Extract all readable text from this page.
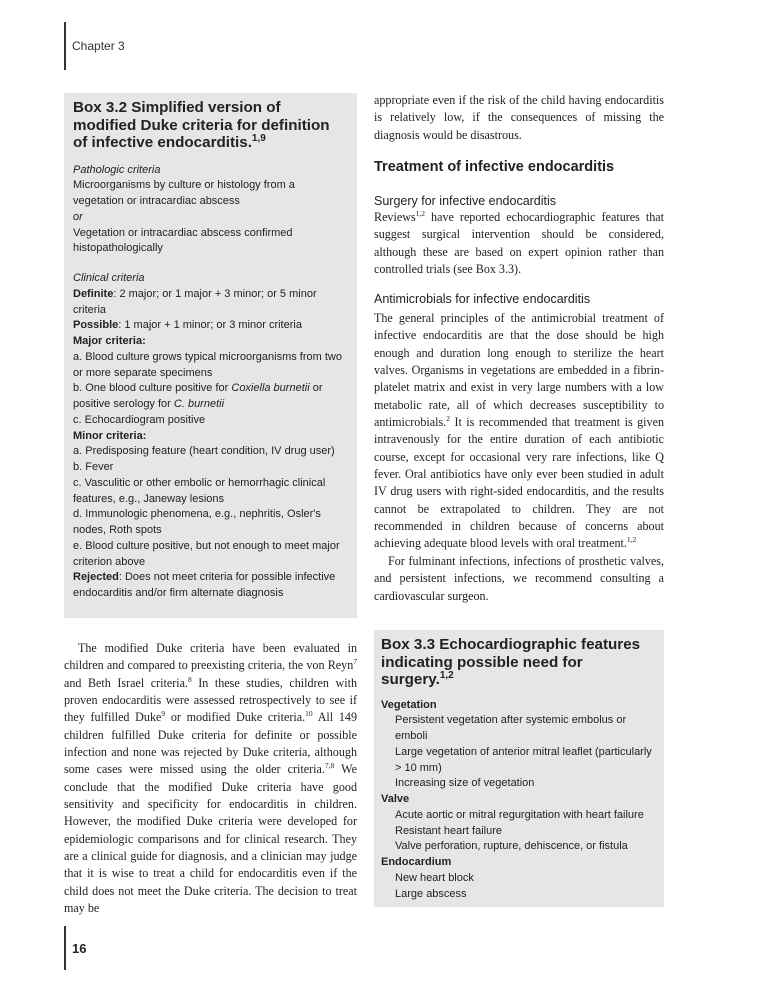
Chapter 3
Box 3.2 Simplified version of modified Duke criteria for definition of infective endocarditis.$^{1,9}$

Pathologic criteria

Microorganisms by culture or histology from a vegetation or intracardiac abscess

or

Vegetation or intracardiac abscess confirmed histopathologically

Clinical criteria

Definite: 2 major; or 1 major + 3 minor; or 5 minor criteria

Possible: 1 major + 1 minor; or 3 minor criteria

Major criteria:

a. Blood culture grows typical microorganisms from two or more separate specimens

b. One blood culture positive for Coxiella burnetii or positive serology for C. burnetii

c. Echocardiogram positive

Minor criteria:

a. Predisposing feature (heart condition, IV drug user)

b. Fever

c. Vasculitic or other embolic or hemorrhagic clinical features, e.g., Janeway lesions

d. Immunologic phenomena, e.g., nephritis, Osler's nodes, Roth spots

e. Blood culture positive, but not enough to meet major criterion above

Rejected: Does not meet criteria for possible infective endocarditis and/or firm alternate diagnosis

The modified Duke criteria have been evaluated in children and compared to preexisting criteria, the von Reyn$^7$ and Beth Israel criteria.$^8$ In these studies, children with proven endocarditis were assessed retrospectively to see if they fulfilled Duke$^9$ or modified Duke criteria.$^{10}$ All 149 children fulfilled Duke criteria for definite or possible infection and none was rejected by Duke criteria, although some cases were missed using the older criteria.$^{7,8}$ We conclude that the modified Duke criteria have good sensitivity and specificity for endocarditis in children. However, the modified Duke criteria were developed for epidemiologic comparisons and for clinical research. They are a clinical guide for diagnosis, and a clinician may judge that it is wise to treat a child for endocarditis even if the child does not meet the Duke criteria. The decision to treat may be

appropriate even if the risk of the child having endocarditis is relatively low, if the consequences of missing the diagnosis would be disastrous.

Treatment of infective endocarditis
Surgery for infective endocarditis

Reviews$^{1,2}$ have reported echocardiographic features that suggest surgical intervention should be considered, although these are based on expert opinion rather than controlled trials (see Box 3.3).

Antimicrobials for infective endocarditis

The general principles of the antimicrobial treatment of infective endocarditis are that the dose should be high enough and duration long enough to sterilize the heart valves. Organisms in vegetations are embedded in a fibrin-platelet matrix and exist in very large numbers with a low metabolic rate, all of which decreases susceptibility to antimicrobials.$^2$ It is recommended that treatment is given intravenously for the entire duration of each antibiotic course, except for occasional very rare infections, like Q fever. Oral antibiotics have only ever been studied in adult IV drug users with right-sided endocarditis, and the results cannot be extrapolated to children. They are not recommended in children because of concerns about achieving adequate blood levels with oral treatment.$^{1,2}$

For fulminant infections, infections of prosthetic valves, and persistent infections, we recommend consulting a cardiovascular surgeon.

Box 3.3 Echocardiographic features indicating possible need for surgery.$^{1,2}$

Vegetation

Persistent vegetation after systemic embolus or emboli

Large vegetation of anterior mitral leaflet (particularly > 10 mm)

Increasing size of vegetation

Valve

Acute aortic or mitral regurgitation with heart failure

Resistant heart failure

Valve perforation, rupture, dehiscence, or fistula

Endocardium

New heart block

Large abscess

16
